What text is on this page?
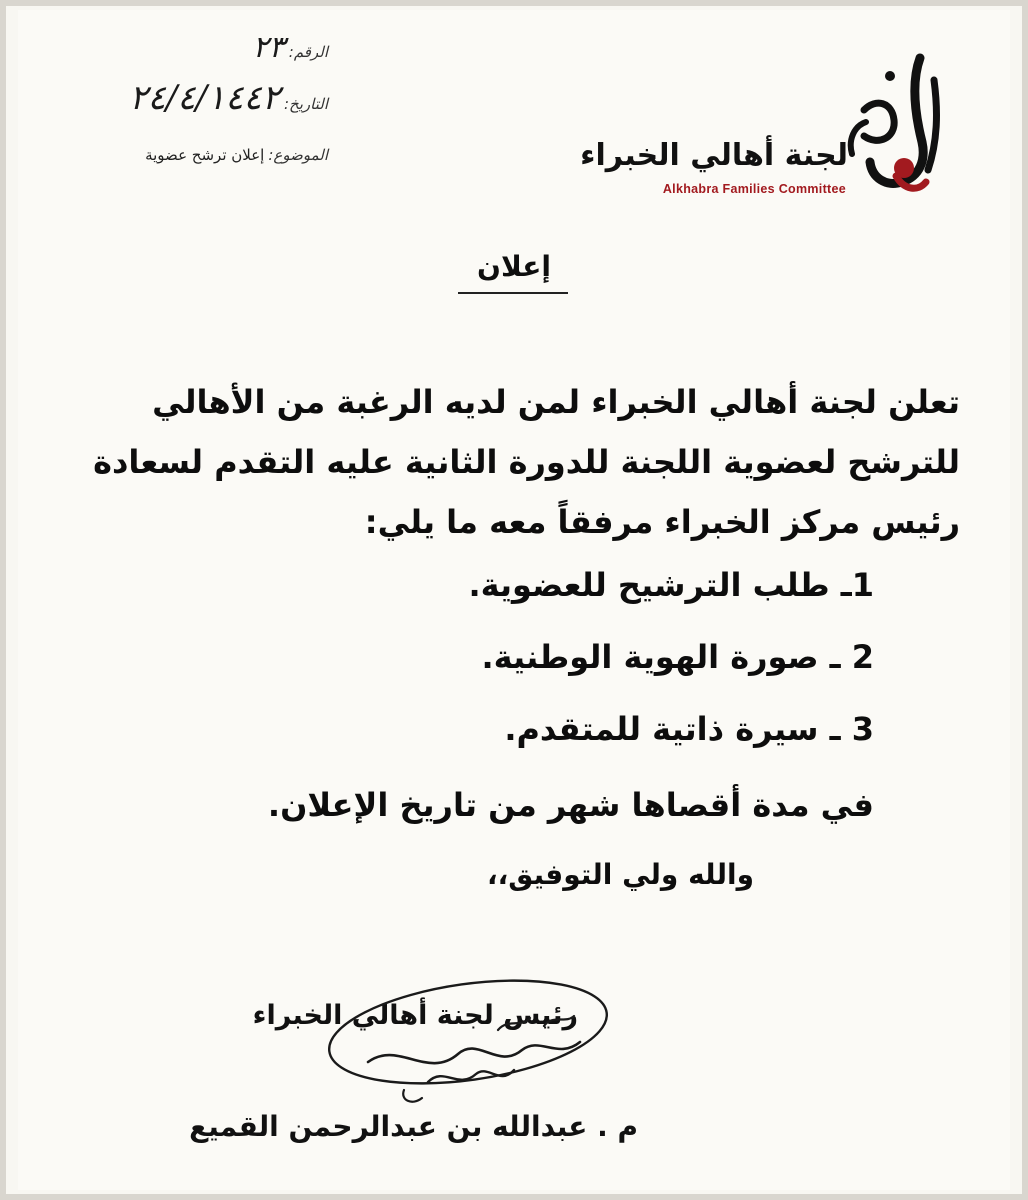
الرقم: ٢٣
التاريخ: ٢٤/٤/١٤٤٢
الموضوع: إعلان ترشح عضوية	لجنة أهالي الخبراء
Alkhabra Families Committee
إعلان

تعلن لجنة أهالي الخبراء لمن لديه الرغبة من الأهالي للترشح لعضوية اللجنة للدورة الثانية عليه التقدم لسعادة رئيس مركز الخبراء مرفقاً معه ما يلي:

1ـ طلب الترشيح للعضوية.
2 ـ صورة الهوية الوطنية.
3 ـ سيرة ذاتية للمتقدم.
في مدة أقصاها شهر من تاريخ الإعلان.
والله ولي التوفيق،،
رئيس لجنة أهالي الخبراء
م . عبدالله بن عبدالرحمن القميع
